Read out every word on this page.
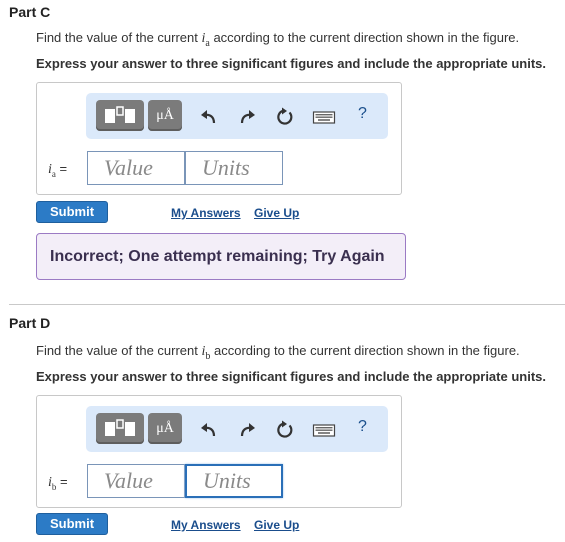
Part C
Find the value of the current $i_a$ according to the current direction shown in the figure.
Express your answer to three significant figures and include the appropriate units.
μÅ	?
$i_a$ =	Value	Units
Submit	My Answers Give Up
Incorrect; One attempt remaining; Try Again
Part D
Find the value of the current $i_b$ according to the current direction shown in the figure.
Express your answer to three significant figures and include the appropriate units.
μÅ	?
$i_b$ =	Value	Units
Submit	My Answers Give Up
